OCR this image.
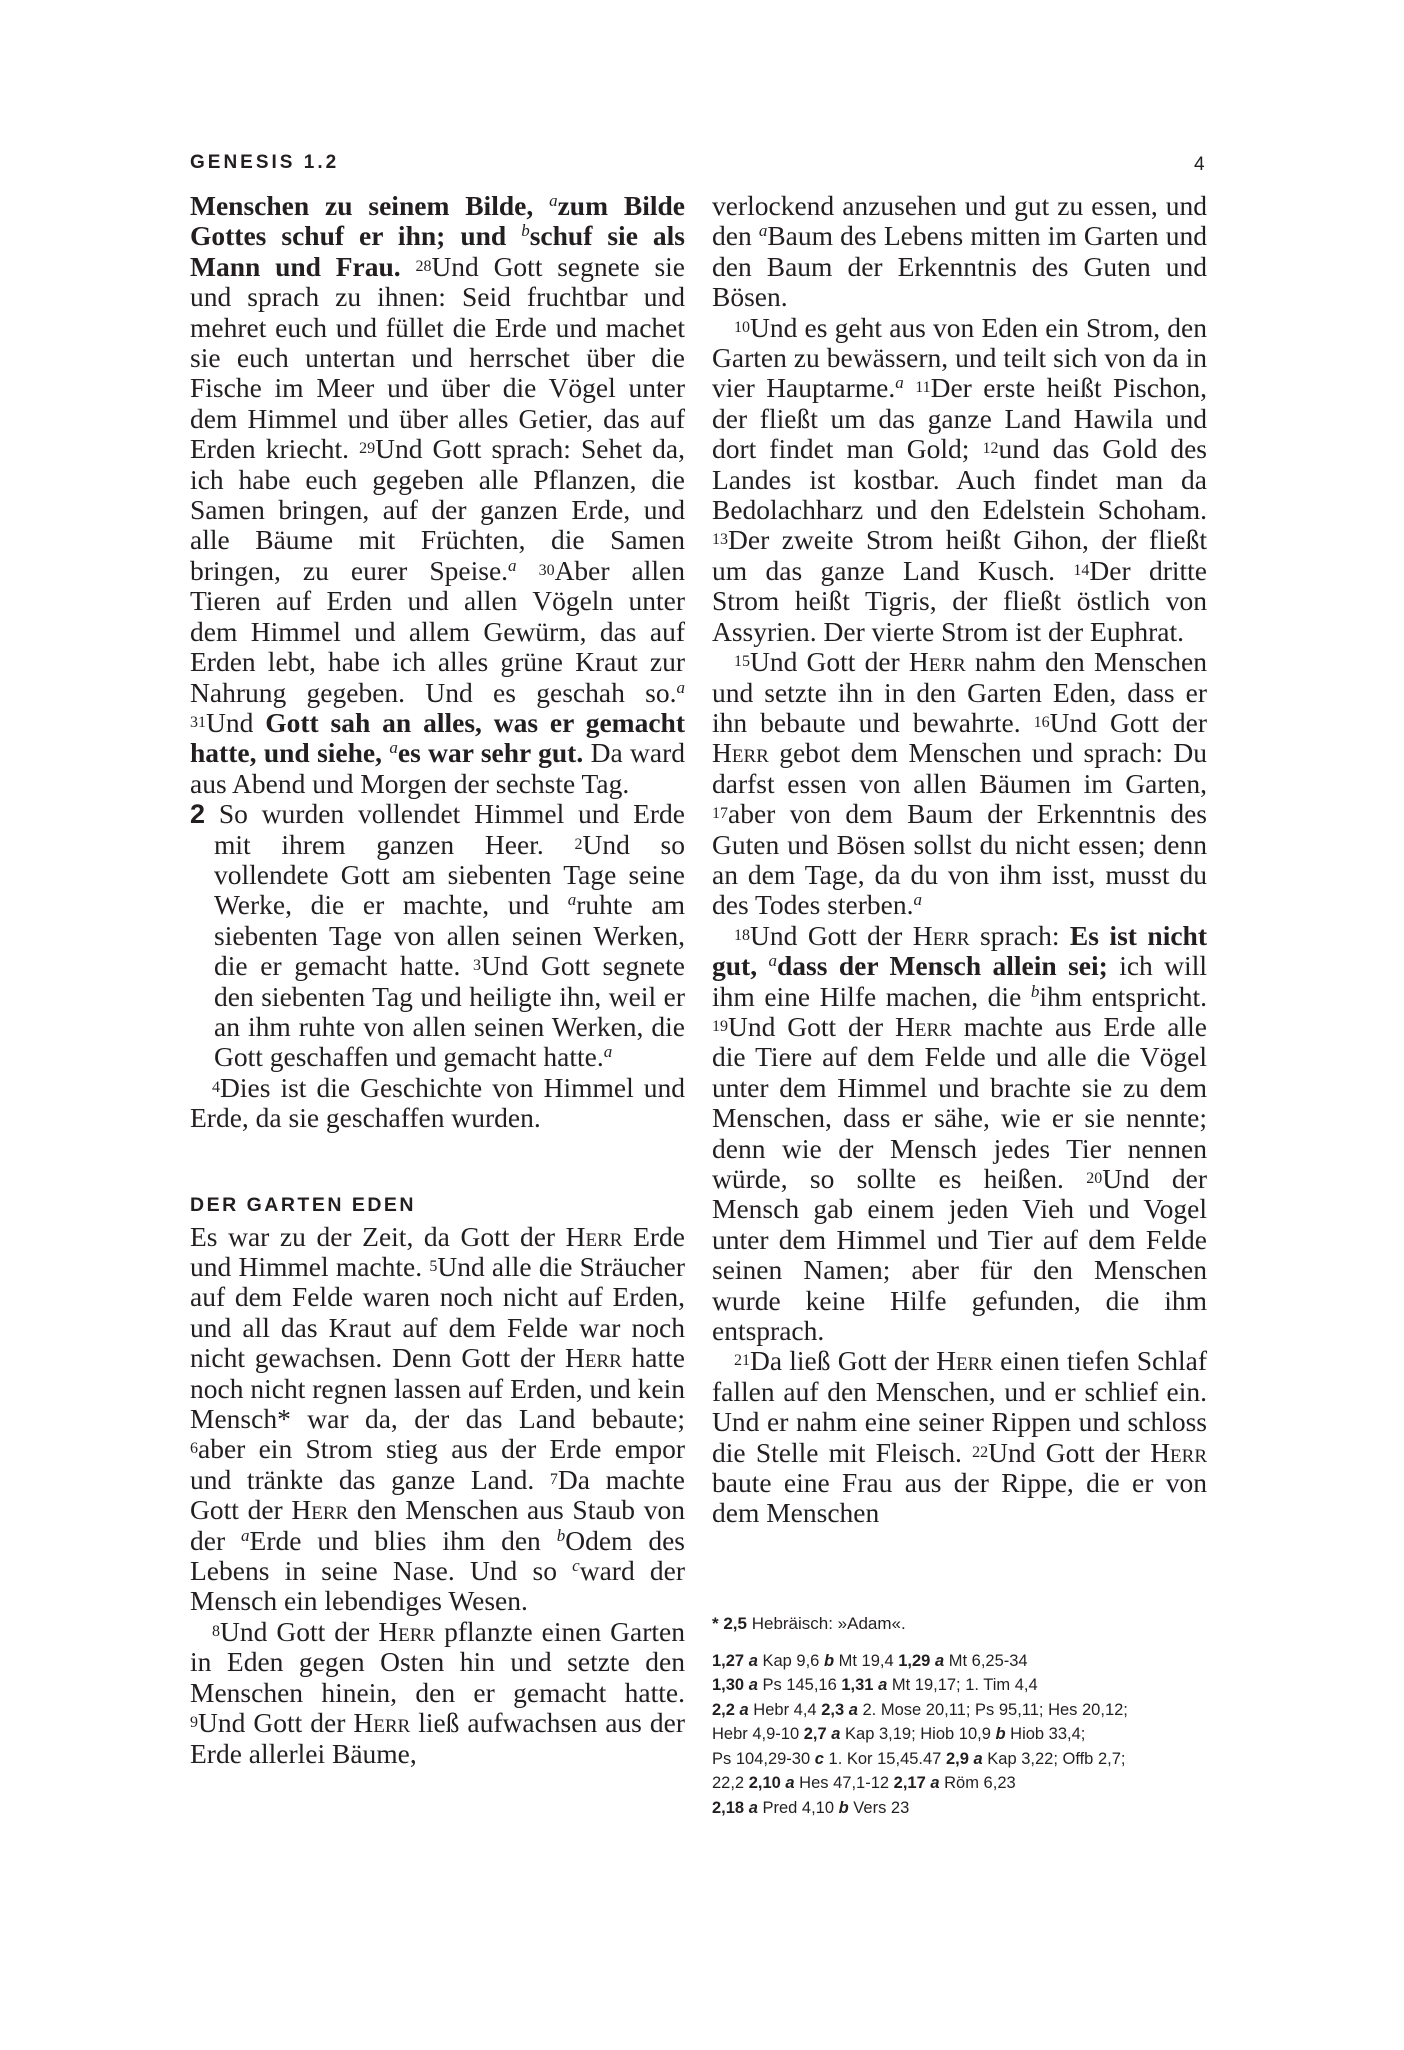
GENESIS 1.2	4

Menschen zu seinem Bilde, $^a$zum Bilde Gottes schuf er ihn; und $^b$schuf sie als Mann und Frau. 28Und Gott segnete sie und sprach zu ihnen: Seid fruchtbar und mehret euch und füllet die Erde und machet sie euch untertan und herrschet über die Fische im Meer und über die Vögel unter dem Himmel und über alles Getier, das auf Erden kriecht. 29Und Gott sprach: Sehet da, ich habe euch gegeben alle Pflanzen, die Samen bringen, auf der ganzen Erde, und alle Bäume mit Früchten, die Samen bringen, zu eurer Speise.$^a$ 30Aber allen Tieren auf Erden und allen Vögeln unter dem Himmel und allem Gewürm, das auf Erden lebt, habe ich alles grüne Kraut zur Nahrung gegeben. Und es geschah so.$^a$ 31Und Gott sah an alles, was er gemacht hatte, und siehe, $^a$es war sehr gut. Da ward aus Abend und Morgen der sechste Tag.

2 So wurden vollendet Himmel und Erde mit ihrem ganzen Heer. 2Und so vollendete Gott am siebenten Tage seine Werke, die er machte, und $^a$ruhte am siebenten Tage von allen seinen Werken, die er gemacht hatte. 3Und Gott segnete den siebenten Tag und heiligte ihn, weil er an ihm ruhte von allen seinen Werken, die Gott geschaffen und gemacht hatte.$^a$

4Dies ist die Geschichte von Himmel und Erde, da sie geschaffen wurden.

DER GARTEN EDEN

Es war zu der Zeit, da Gott der Herr Erde und Himmel machte. 5Und alle die Sträucher auf dem Felde waren noch nicht auf Erden, und all das Kraut auf dem Felde war noch nicht gewachsen. Denn Gott der Herr hatte noch nicht regnen lassen auf Erden, und kein Mensch* war da, der das Land bebaute; 6aber ein Strom stieg aus der Erde empor und tränkte das ganze Land. 7Da machte Gott der Herr den Menschen aus Staub von der $^a$Erde und blies ihm den $^b$Odem des Lebens in seine Nase. Und so $^c$ward der Mensch ein lebendiges Wesen.

8Und Gott der Herr pflanzte einen Garten in Eden gegen Osten hin und setzte den Menschen hinein, den er gemacht hatte. 9Und Gott der Herr ließ aufwachsen aus der Erde allerlei Bäume,

verlockend anzusehen und gut zu essen, und den $^a$Baum des Lebens mitten im Garten und den Baum der Erkenntnis des Guten und Bösen.

10Und es geht aus von Eden ein Strom, den Garten zu bewässern, und teilt sich von da in vier Hauptarme.$^a$ 11Der erste heißt Pischon, der fließt um das ganze Land Hawila und dort findet man Gold; 12und das Gold des Landes ist kostbar. Auch findet man da Bedolachharz und den Edelstein Schoham. 13Der zweite Strom heißt Gihon, der fließt um das ganze Land Kusch. 14Der dritte Strom heißt Tigris, der fließt östlich von Assyrien. Der vierte Strom ist der Euphrat.

15Und Gott der Herr nahm den Menschen und setzte ihn in den Garten Eden, dass er ihn bebaute und bewahrte. 16Und Gott der Herr gebot dem Menschen und sprach: Du darfst essen von allen Bäumen im Garten, 17aber von dem Baum der Erkenntnis des Guten und Bösen sollst du nicht essen; denn an dem Tage, da du von ihm isst, musst du des Todes sterben.$^a$

18Und Gott der Herr sprach: Es ist nicht gut, $^a$dass der Mensch allein sei; ich will ihm eine Hilfe machen, die $^b$ihm entspricht. 19Und Gott der Herr machte aus Erde alle die Tiere auf dem Felde und alle die Vögel unter dem Himmel und brachte sie zu dem Menschen, dass er sähe, wie er sie nennte; denn wie der Mensch jedes Tier nennen würde, so sollte es heißen. 20Und der Mensch gab einem jeden Vieh und Vogel unter dem Himmel und Tier auf dem Felde seinen Namen; aber für den Menschen wurde keine Hilfe gefunden, die ihm entsprach.

21Da ließ Gott der Herr einen tiefen Schlaf fallen auf den Menschen, und er schlief ein. Und er nahm eine seiner Rippen und schloss die Stelle mit Fleisch. 22Und Gott der Herr baute eine Frau aus der Rippe, die er von dem Menschen

* 2,5 Hebräisch: »Adam«.

1,27 a Kap 9,6 b Mt 19,4 1,29 a Mt 6,25-34

1,30 a Ps 145,16 1,31 a Mt 19,17; 1. Tim 4,4

2,2 a Hebr 4,4 2,3 a 2. Mose 20,11; Ps 95,11; Hes 20,12;

Hebr 4,9-10 2,7 a Kap 3,19; Hiob 10,9 b Hiob 33,4;

Ps 104,29-30 c 1. Kor 15,45.47 2,9 a Kap 3,22; Offb 2,7;

22,2 2,10 a Hes 47,1-12 2,17 a Röm 6,23

2,18 a Pred 4,10 b Vers 23
